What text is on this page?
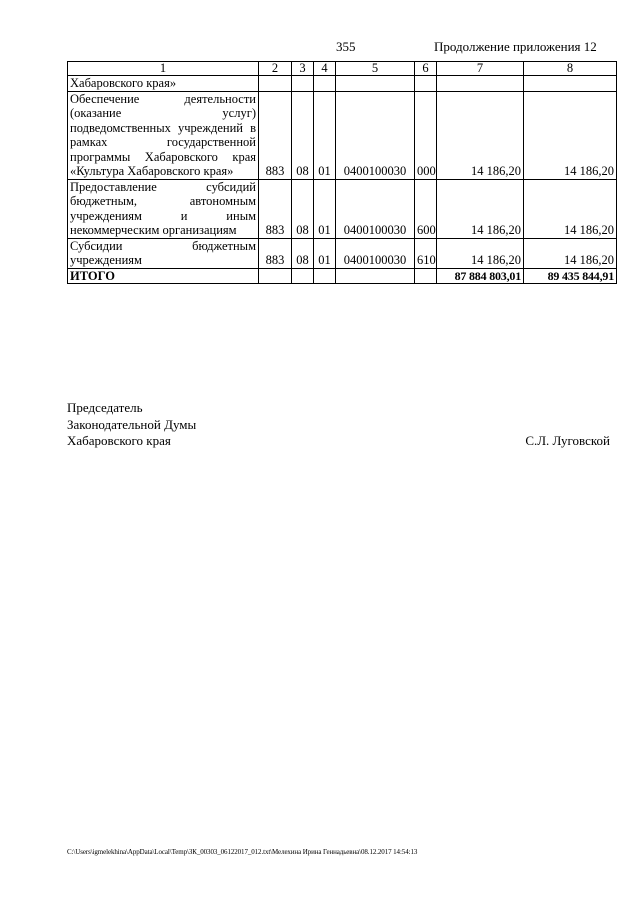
355	Продолжение приложения 12
1	2	3	4	5	6	7	8
Хабаровского края»							
Обеспечение деятельности (оказание услуг) подведомственных учреждений в рамках государственной программы Хабаровского края «Культура Хабаровского края»	883	08	01	0400100030	000	14 186,20	14 186,20
Предоставление субсидий бюджетным, автономным учреждениям и иным некоммерческим организациям	883	08	01	0400100030	600	14 186,20	14 186,20
Субсидии бюджетным учреждениям	883	08	01	0400100030	610	14 186,20	14 186,20
ИТОГО						87 884 803,01	89 435 844,91
Председатель
Законодательной Думы
Хабаровского края	С.Л. Луговской
C:\Users\igmelekhina\AppData\Local\Temp\ЗК_00303_06122017_012.txt\Мелехина Ирина Геннадьевна\08.12.2017 14:54:13
